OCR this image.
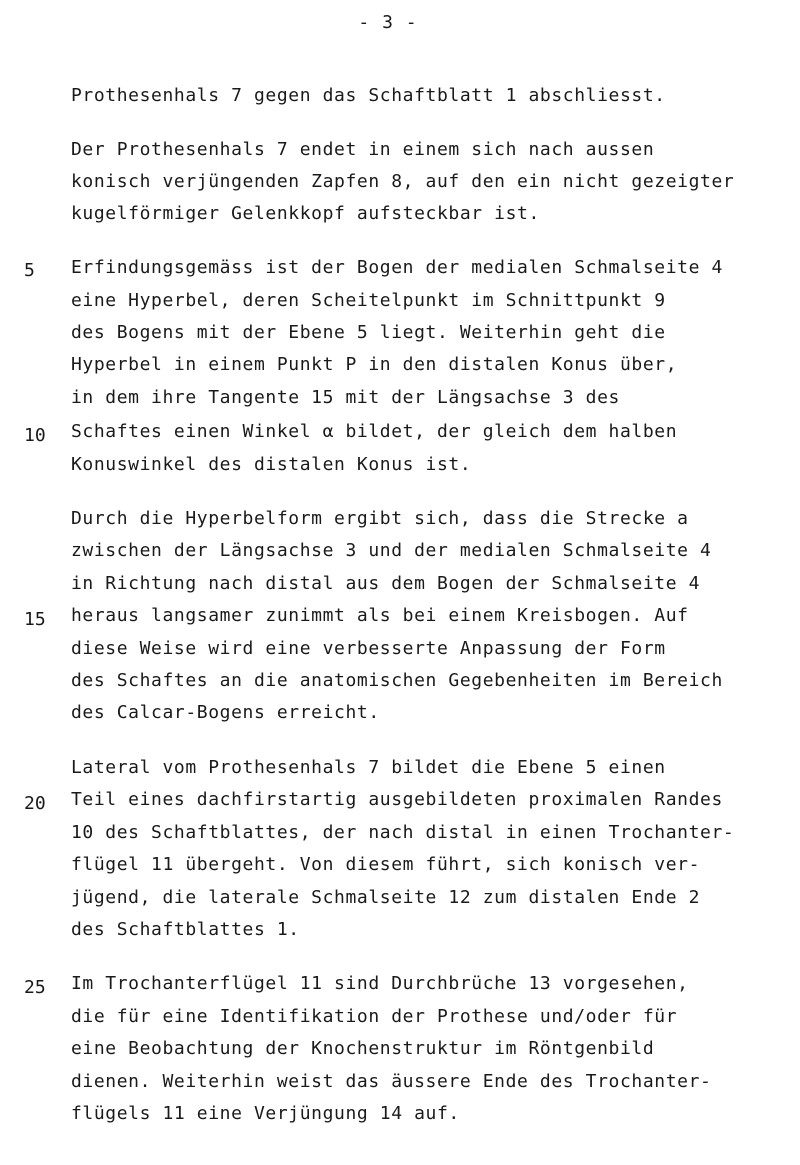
- 3 -
Prothesenhals 7 gegen das Schaftblatt 1 abschliesst.
Der Prothesenhals 7 endet in einem sich nach aussen
konisch verjüngenden Zapfen 8, auf den ein nicht gezeigter
kugelförmiger Gelenkkopf aufsteckbar ist.
5 Erfindungsgemäss ist der Bogen der medialen Schmalseite 4
eine Hyperbel, deren Scheitelpunkt im Schnittpunkt 9
des Bogens mit der Ebene 5 liegt. Weiterhin geht die
Hyperbel in einem Punkt P in den distalen Konus über,
in dem ihre Tangente 15 mit der Längsachse 3 des
10 Schaftes einen Winkel α bildet, der gleich dem halben
Konuswinkel des distalen Konus ist.
Durch die Hyperbelform ergibt sich, dass die Strecke a
zwischen der Längsachse 3 und der medialen Schmalseite 4
in Richtung nach distal aus dem Bogen der Schmalseite 4
15 heraus langsamer zunimmt als bei einem Kreisbogen. Auf
diese Weise wird eine verbesserte Anpassung der Form
des Schaftes an die anatomischen Gegebenheiten im Bereich
des Calcar-Bogens erreicht.
Lateral vom Prothesenhals 7 bildet die Ebene 5 einen
20 Teil eines dachfirstartig ausgebildeten proximalen Randes
10 des Schaftblattes, der nach distal in einen Trochanter-
flügel 11 übergeht. Von diesem führt, sich konisch ver-
jügend, die laterale Schmalseite 12 zum distalen Ende 2
des Schaftblattes 1.
25 Im Trochanterflügel 11 sind Durchbrüche 13 vorgesehen,
die für eine Identifikation der Prothese und/oder für
eine Beobachtung der Knochenstruktur im Röntgenbild
dienen. Weiterhin weist das äussere Ende des Trochanter-
flügels 11 eine Verjüngung 14 auf.
